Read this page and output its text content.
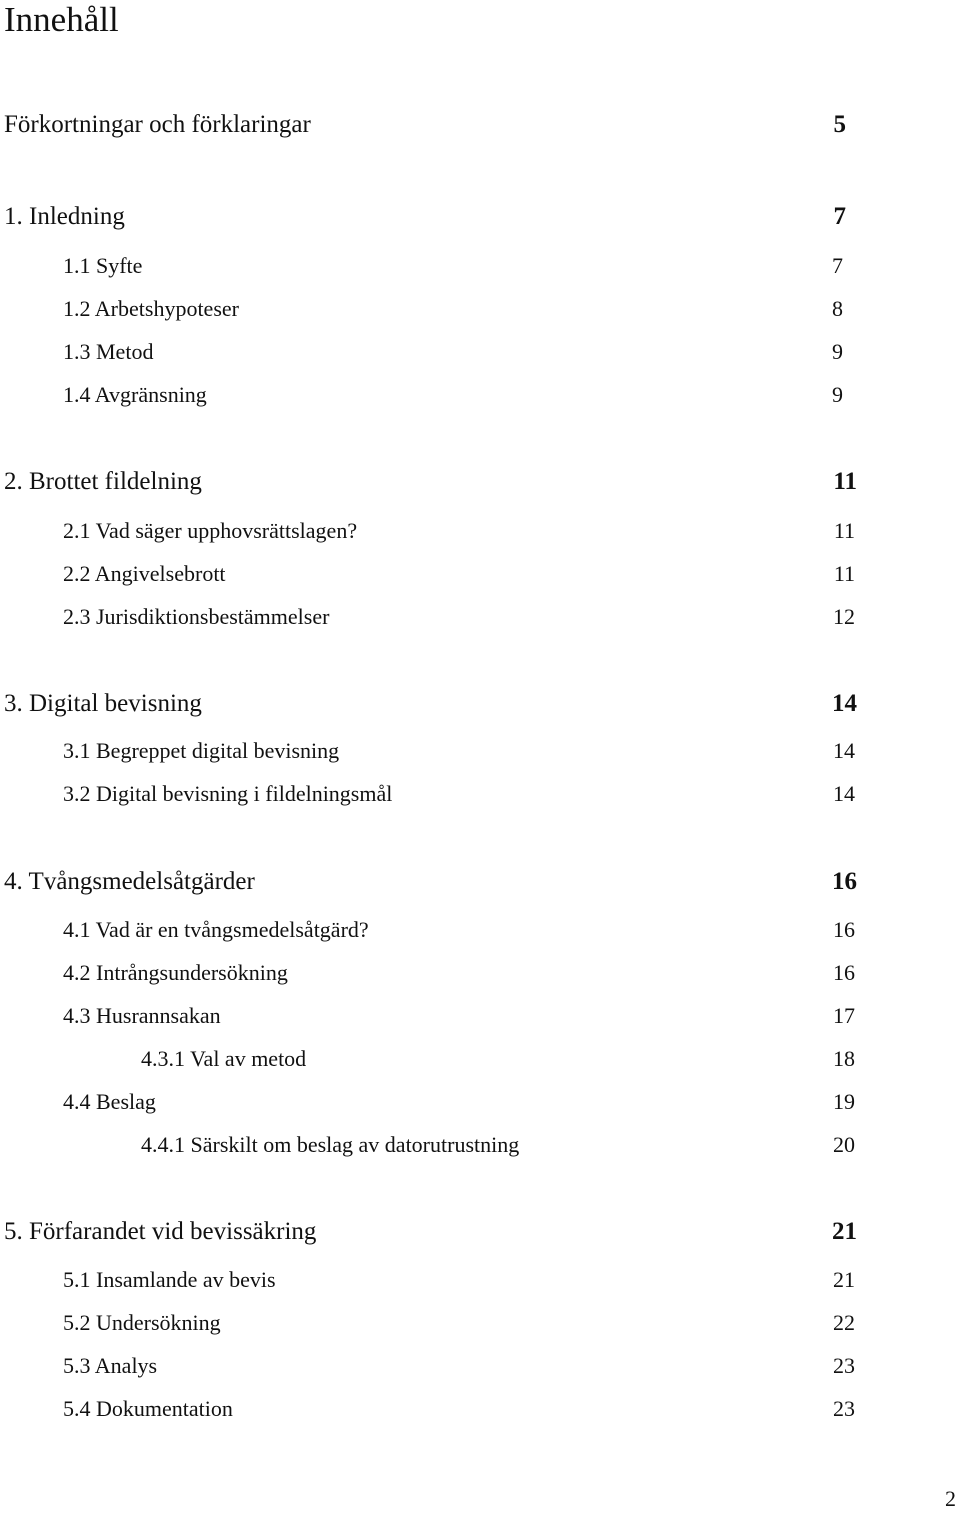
Innehåll
Förkortningar och förklaringar	5
1. Inledning	7
1.1 Syfte	7
1.2 Arbetshypoteser	8
1.3 Metod	9
1.4 Avgränsning	9
2. Brottet fildelning	11
2.1 Vad säger upphovsrättslagen?	11
2.2 Angivelsebrott	11
2.3 Jurisdiktionsbestämmelser	12
3. Digital bevisning	14
3.1 Begreppet digital bevisning	14
3.2 Digital bevisning i fildelningsmål	14
4. Tvångsmedelsåtgärder	16
4.1 Vad är en tvångsmedelsåtgärd?	16
4.2 Intrångsundersökning	16
4.3 Husrannsakan	17
4.3.1 Val av metod	18
4.4 Beslag	19
4.4.1 Särskilt om beslag av datorutrustning	20
5. Förfarandet vid bevissäkring	21
5.1 Insamlande av bevis	21
5.2 Undersökning	22
5.3 Analys	23
5.4 Dokumentation	23
2
